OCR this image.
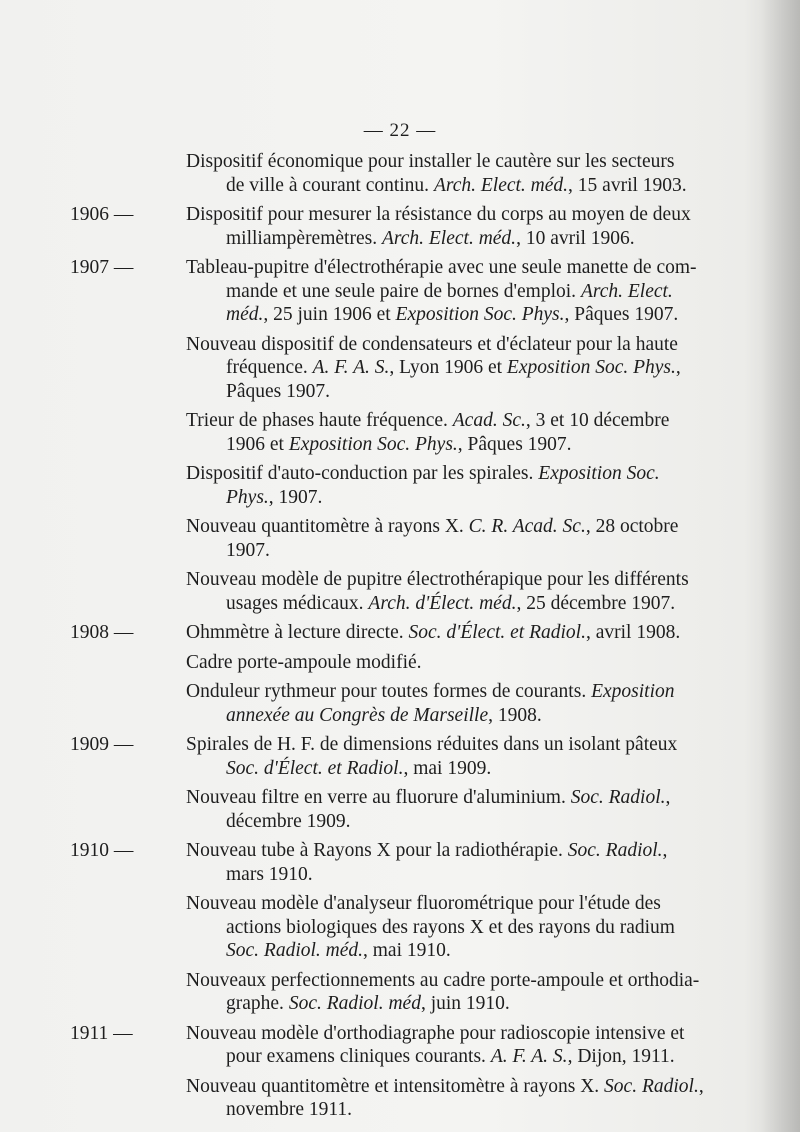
— 22 —
Dispositif économique pour installer le cautère sur les secteurs
de ville à courant continu. Arch. Elect. méd., 15 avril 1903.
1906 —	Dispositif pour mesurer la résistance du corps au moyen de deux
milliampèremètres. Arch. Elect. méd., 10 avril 1906.
1907 —	Tableau-pupitre d'électrothérapie avec une seule manette de com-
mande et une seule paire de bornes d'emploi. Arch. Elect.
méd., 25 juin 1906 et Exposition Soc. Phys., Pâques 1907.
Nouveau dispositif de condensateurs et d'éclateur pour la haute
fréquence. A. F. A. S., Lyon 1906 et Exposition Soc. Phys.,
Pâques 1907.
Trieur de phases haute fréquence. Acad. Sc., 3 et 10 décembre
1906 et Exposition Soc. Phys., Pâques 1907.
Dispositif d'auto-conduction par les spirales. Exposition Soc.
Phys., 1907.
Nouveau quantitomètre à rayons X. C. R. Acad. Sc., 28 octobre
1907.
Nouveau modèle de pupitre électrothérapique pour les différents
usages médicaux. Arch. d'Élect. méd., 25 décembre 1907.
1908 —	Ohmmètre à lecture directe. Soc. d'Élect. et Radiol., avril 1908.
Cadre porte-ampoule modifié.
Onduleur rythmeur pour toutes formes de courants. Exposition
annexée au Congrès de Marseille, 1908.
1909 —	Spirales de H. F. de dimensions réduites dans un isolant pâteux
Soc. d'Élect. et Radiol., mai 1909.
Nouveau filtre en verre au fluorure d'aluminium. Soc. Radiol.,
décembre 1909.
1910 —	Nouveau tube à Rayons X pour la radiothérapie. Soc. Radiol.,
mars 1910.
Nouveau modèle d'analyseur fluorométrique pour l'étude des
actions biologiques des rayons X et des rayons du radium
Soc. Radiol. méd., mai 1910.
Nouveaux perfectionnements au cadre porte-ampoule et orthodia-
graphe. Soc. Radiol. méd, juin 1910.
1911 —	Nouveau modèle d'orthodiagraphe pour radioscopie intensive et
pour examens cliniques courants. A. F. A. S., Dijon, 1911.
Nouveau quantitomètre et intensitomètre à rayons X. Soc. Radiol.,
novembre 1911.
